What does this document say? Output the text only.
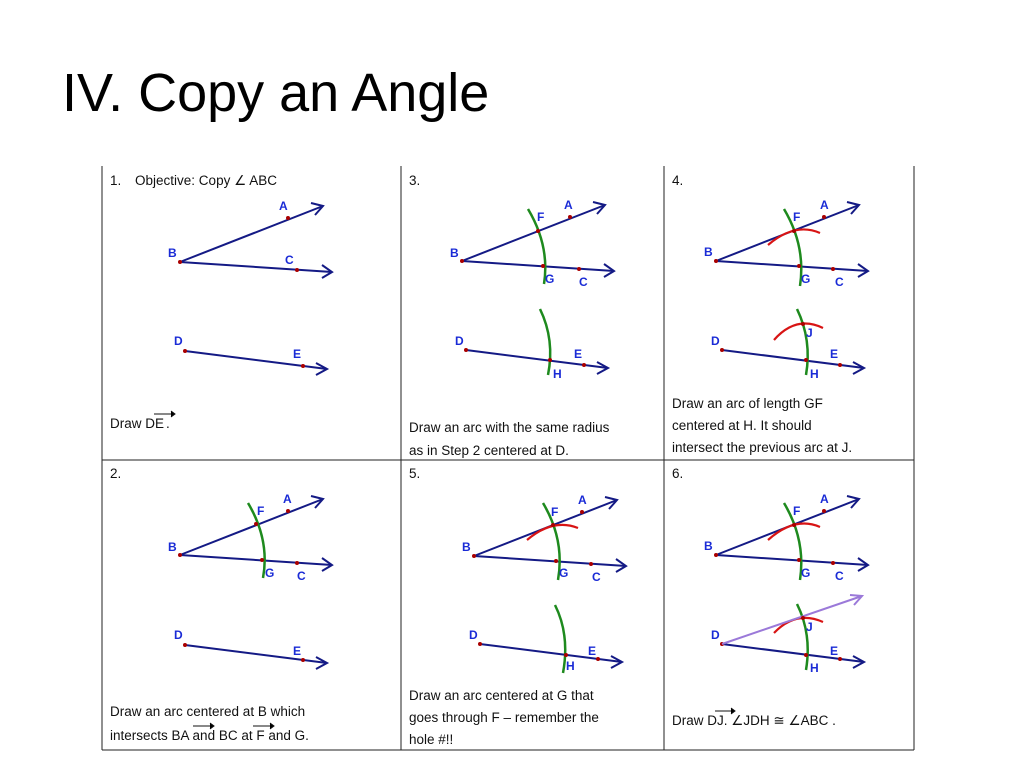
IV. Copy an Angle
1. Objective: Copy ∠ ABC
B
A
C
D
E
Draw DE .
2.
B
A
C
F
G
D
E
Draw an arc centered at B which
intersects BA and BC at F and G.
3.
B
A
C
F
G
D
E
H
Draw an arc with the same radius
as in Step 2 centered at D.
4.
B
A
C
F
G
D
E
J
H
Draw an arc of length GF
centered at H. It should
intersect the previous arc at J.
5.
B
A
C
F
G
D
E
H
Draw an arc centered at G that
goes through F – remember the
hole #!!
6.
B
A
C
F
G
D
E
J
H
Draw DJ. ∠JDH ≅ ∠ABC .
